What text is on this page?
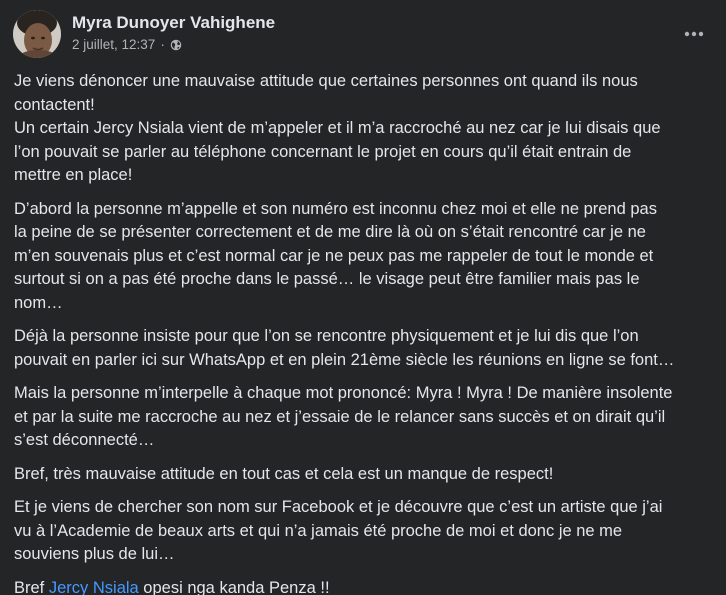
Myra Dunoyer Vahighene
2 juillet, 12:37 ·

Je viens dénoncer une mauvaise attitude que certaines personnes ont quand ils nous
contactent!
Un certain Jercy Nsiala vient de m’appeler et il m’a raccroché au nez car je lui disais que
l’on pouvait se parler au téléphone concernant le projet en cours qu’il était entrain de
mettre en place!

D’abord la personne m’appelle et son numéro est inconnu chez moi et elle ne prend pas
la peine de se présenter correctement et de me dire là où on s’était rencontré car je ne
m’en souvenais plus et c’est normal car je ne peux pas me rappeler de tout le monde et
surtout si on a pas été proche dans le passé… le visage peut être familier mais pas le
nom…

Déjà la personne insiste pour que l’on se rencontre physiquement et je lui dis que l’on
pouvait en parler ici sur WhatsApp et en plein 21ème siècle les réunions en ligne se font…

Mais la personne m’interpelle à chaque mot prononcé: Myra ! Myra ! De manière insolente
et par la suite me raccroche au nez et j’essaie de le relancer sans succès et on dirait qu’il
s’est déconnecté…

Bref, très mauvaise attitude en tout cas et cela est un manque de respect!

Et je viens de chercher son nom sur Facebook et je découvre que c’est un artiste que j’ai
vu à l’Academie de beaux arts et qui n’a jamais été proche de moi et donc je ne me
souviens plus de lui…

Bref Jercy Nsiala opesi nga kanda Penza !!
